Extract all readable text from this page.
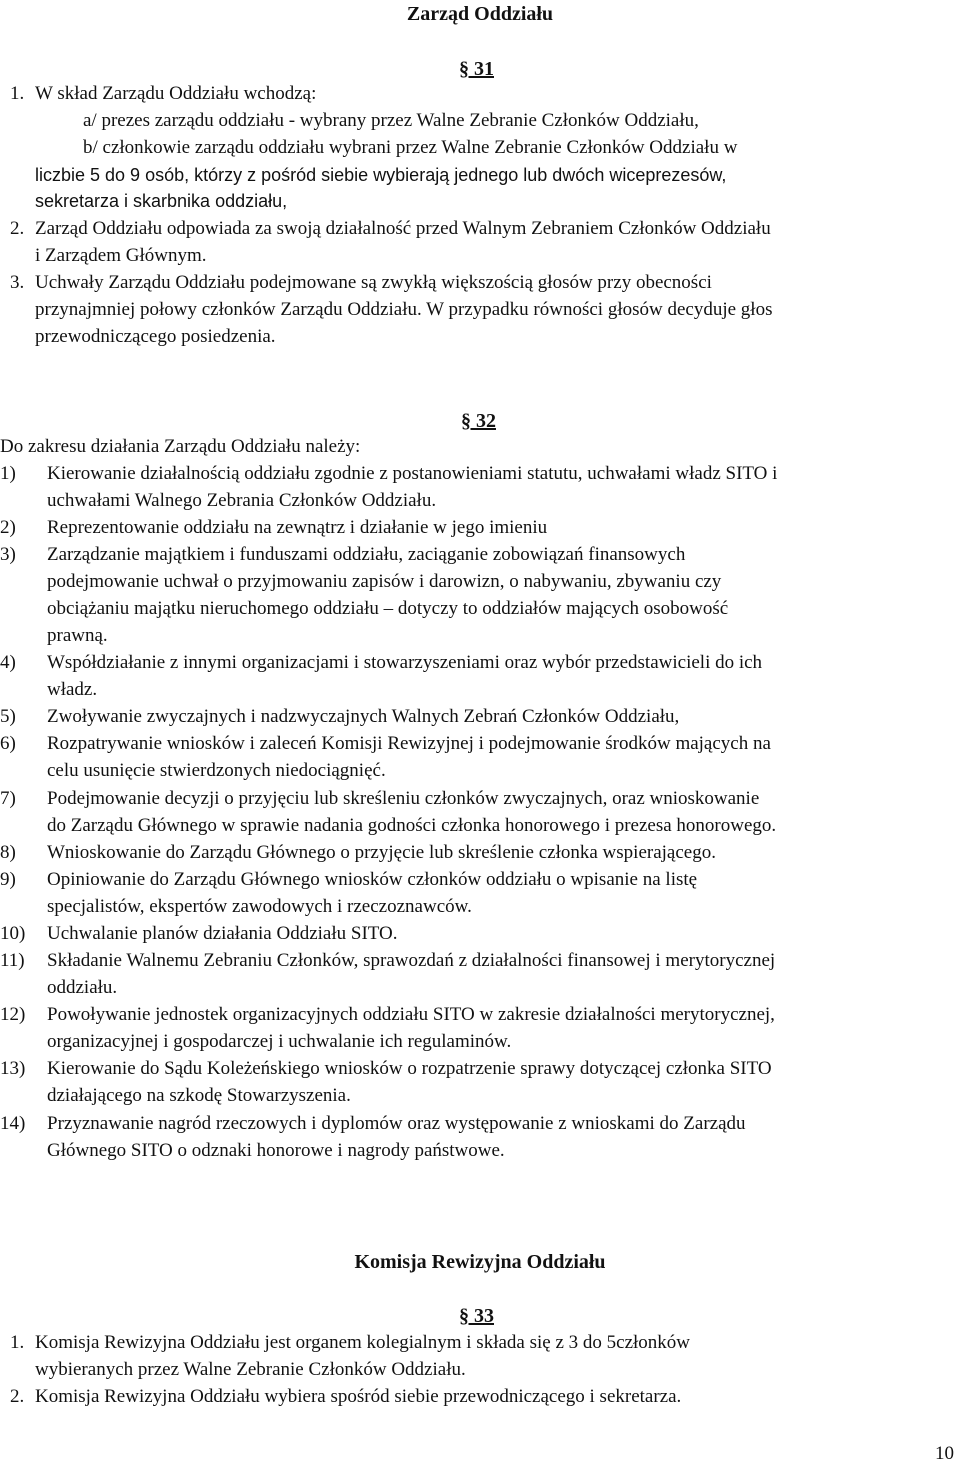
Zarząd Oddziału
§ 31
1. W skład Zarządu Oddziału wchodzą:
a/ prezes zarządu oddziału - wybrany przez Walne Zebranie Członków Oddziału,
b/ członkowie zarządu oddziału wybrani przez Walne Zebranie Członków Oddziału w
liczbie 5 do 9 osób, którzy z pośród siebie wybierają jednego lub dwóch wiceprezesów,
sekretarza i skarbnika oddziału,
2. Zarząd Oddziału odpowiada za swoją działalność przed Walnym Zebraniem Członków Oddziału
i Zarządem Głównym.
3. Uchwały Zarządu Oddziału podejmowane są zwykłą większością głosów przy obecności
przynajmniej połowy członków Zarządu Oddziału. W przypadku równości głosów decyduje głos
przewodniczącego posiedzenia.
§ 32
Do zakresu działania Zarządu Oddziału należy:
1) Kierowanie działalnością oddziału zgodnie z postanowieniami statutu, uchwałami władz SITO i
uchwałami Walnego Zebrania Członków Oddziału.
2) Reprezentowanie oddziału na zewnątrz i działanie w jego imieniu
3) Zarządzanie majątkiem i funduszami oddziału, zaciąganie zobowiązań finansowych
podejmowanie uchwał o przyjmowaniu zapisów i darowizn, o nabywaniu, zbywaniu czy
obciążaniu majątku nieruchomego oddziału – dotyczy to oddziałów mających osobowość
prawną.
4) Współdziałanie z innymi organizacjami i stowarzyszeniami oraz wybór przedstawicieli do ich
władz.
5) Zwoływanie zwyczajnych i nadzwyczajnych Walnych Zebrań Członków Oddziału,
6) Rozpatrywanie wniosków i zaleceń Komisji Rewizyjnej i podejmowanie środków mających na
celu usunięcie stwierdzonych niedociągnięć.
7) Podejmowanie decyzji o przyjęciu lub skreśleniu członków zwyczajnych, oraz wnioskowanie
do Zarządu Głównego w sprawie nadania godności członka honorowego i prezesa honorowego.
8) Wnioskowanie do Zarządu Głównego o przyjęcie lub skreślenie członka wspierającego.
9) Opiniowanie do Zarządu Głównego wniosków członków oddziału o wpisanie na listę
specjalistów, ekspertów zawodowych i rzeczoznawców.
10) Uchwalanie planów działania Oddziału SITO.
11) Składanie Walnemu Zebraniu Członków, sprawozdań z działalności finansowej i merytorycznej
oddziału.
12) Powoływanie jednostek organizacyjnych oddziału SITO w zakresie działalności merytorycznej,
organizacyjnej i gospodarczej i uchwalanie ich regulaminów.
13) Kierowanie do Sądu Koleżeńskiego wniosków o rozpatrzenie sprawy dotyczącej członka SITO
działającego na szkodę Stowarzyszenia.
14) Przyznawanie nagród rzeczowych i dyplomów oraz występowanie z wnioskami do Zarządu
Głównego SITO o odznaki honorowe i nagrody państwowe.
Komisja Rewizyjna Oddziału
§ 33
1. Komisja Rewizyjna Oddziału jest organem kolegialnym i składa się z 3 do 5członków
wybieranych przez Walne Zebranie Członków Oddziału.
2. Komisja Rewizyjna Oddziału wybiera spośród siebie przewodniczącego i sekretarza.
10
